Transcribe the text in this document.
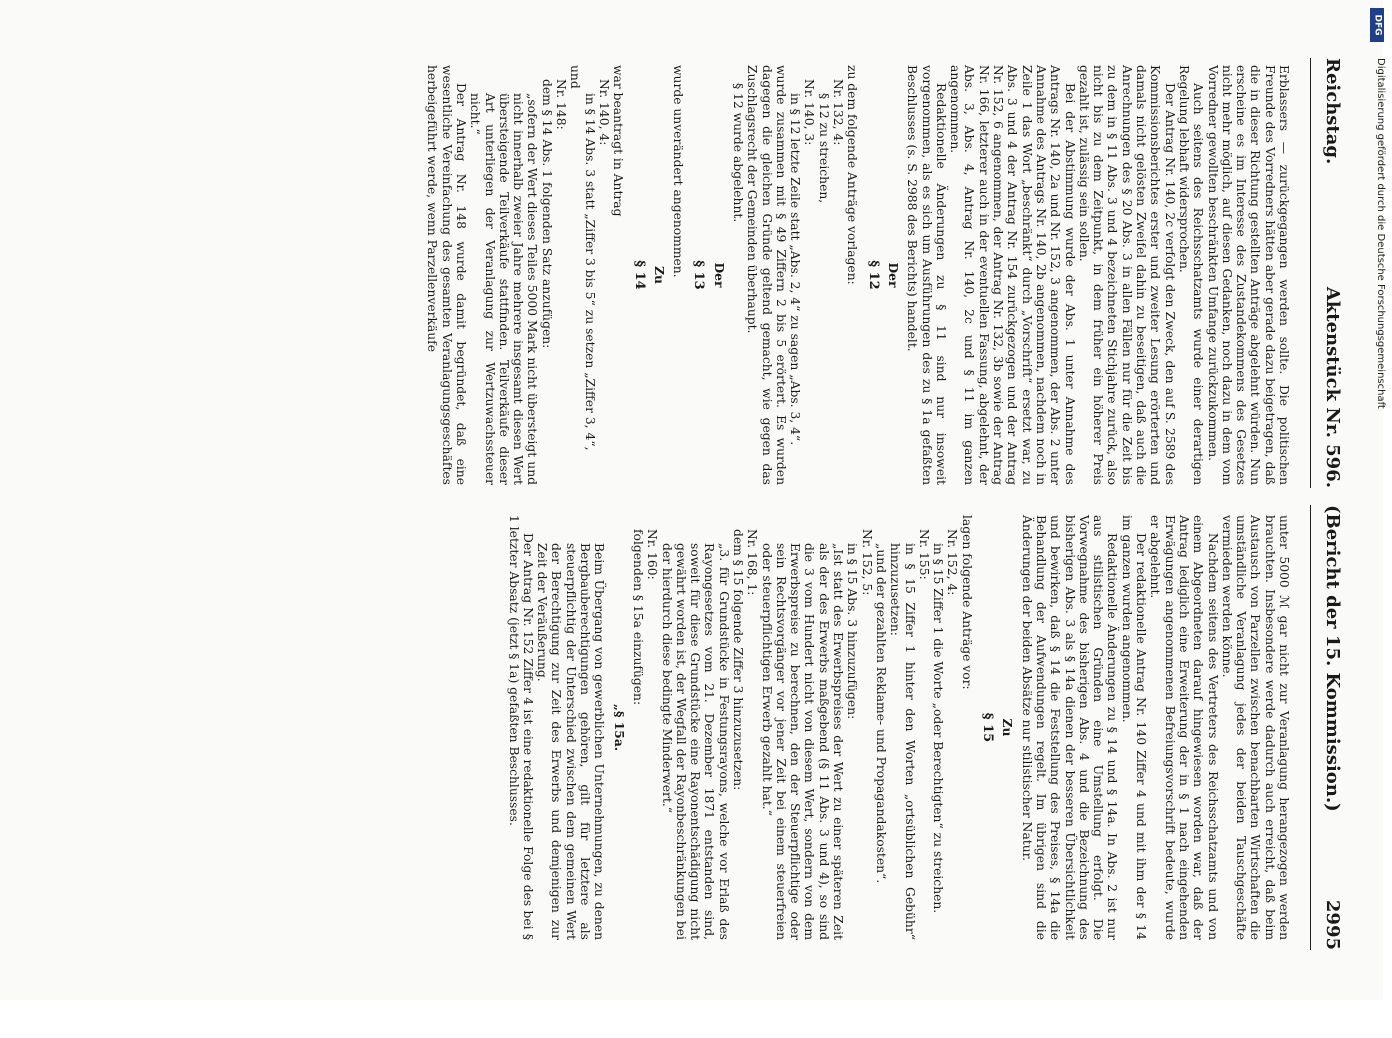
Reichstag.
Aktenstück Nr. 596.
(Bericht der 15. Kommission.)
2995

Erblassers — zurückgegangen werden sollte. Die politischen Freunde des Vorredners hätten aber gerade dazu beigetragen, daß die in dieser Richtung gestellten Anträge abgelehnt würden. Nun erscheine es im Interesse des Zustandekommens des Gesetzes nicht mehr möglich, auf diesen Gedanken, noch dazu in dem vom Vorredner gewollten beschränkten Umfange zurückzukommen.

Auch seitens des Reichsschatzamts wurde einer derartigen Regelung lebhaft widersprochen.

Der Antrag Nr. 140, 2c verfolgt den Zweck, den auf S. 2589 des Kommissionsberichtes erster und zweiter Lesung erörterten und damals nicht gelösten Zweifel dahin zu beseitigen, daß auch die Anrechnungen des § 20 Abs. 3 in allen Fällen nur für die Zeit bis zu dem in § 11 Abs. 3 und 4 bezeichneten Stichjahre zurück, also nicht bis zu dem Zeitpunkt, in dem früher ein höherer Preis gezahlt ist, zulässig sein sollen.

Bei der Abstimmung wurde der Abs. 1 unter Annahme des Antrags Nr. 140, 2a und Nr. 152, 3 angenommen, der Abs. 2 unter Annahme des Antrags Nr. 140, 2b angenommen, nachdem noch in Zeile 1 das Wort „beschränkt“ durch „Vorschrift“ ersetzt war, zu Abs. 3 und 4 der Antrag Nr. 154 zurückgezogen und der Antrag Nr. 152, 6 angenommen, der Antrag Nr. 132, 3b sowie der Antrag Nr. 166, letzterer auch in der eventuellen Fassung, abgelehnt, der Abs. 3, Abs. 4, Antrag Nr. 140, 2c und § 11 im ganzen angenommen.

Redaktionelle Änderungen zu § 11 sind nur insoweit vorgenommen, als es sich um Ausführungen des zu § 1a gefaßten Beschlusses (s. S. 2988 des Berichts) handelt.

Der

§ 12

zu dem folgende Anträge vorlagen:

Nr. 132, 4:

§ 12 zu streichen,

Nr. 140, 3:

in § 12 letzte Zeile statt „Abs. 2, 4“ zu sagen „Abs. 3, 4“.

wurde zusammen mit § 49 Ziffern 2 bis 5 erörtert. Es wurden dagegen die gleichen Gründe geltend gemacht, wie gegen das Zuschlagsrecht der Gemeinden überhaupt.

§ 12 wurde abgelehnt.

Der

§ 13

wurde unverändert angenommen.

Zu

§ 14

war beantragt in Antrag

Nr. 140, 4:

in § 14 Abs. 3 statt „Ziffer 3 bis 5“ zu setzen „Ziffer 3, 4“,

und

Nr. 148:

dem § 14 Abs. 1 folgenden Satz anzufügen:

„sofern der Wert dieses Teiles 5000 Mark nicht übersteigt und nicht innerhalb zweier Jahre mehrere insgesamt diesen Wert übersteigende Teilverkäufe stattfinden. Teilverkäufe dieser Art unterliegen der Veranlagung zur Wertzuwachssteuer nicht.“

Der Antrag Nr. 148 wurde damit begründet, daß eine wesentliche Vereinfachung des gesamten Veranlagungsgeschäftes herbeigeführt werde, wenn Parzellenverkäufe

unter 5000 ℳ gar nicht zur Veranlagung herangezogen werden brauchten. Insbesondere werde dadurch auch erreicht, daß beim Austausch von Parzellen zwischen benachbarten Wirtschaften die umständliche Veranlagung jedes der beiden Tauschgeschäfte vermieden werden könne.

Nachdem seitens des Vertreters des Reichsschatzamts und von einem Abgeordneten darauf hingewiesen worden war, daß der Antrag lediglich eine Erweiterung der in § 1 nach eingehenden Erwägungen angenommenen Befreiungsvorschrift bedeute, wurde er abgelehnt.

Der redaktionelle Antrag Nr. 140 Ziffer 4 und mit ihm der § 14 im ganzen wurden angenommen.

Redaktionelle Änderungen zu § 14 und § 14a. In Abs. 2 ist nur aus stilistischen Gründen eine Umstellung erfolgt. Die Vorwegnahme des bisherigen Abs. 4 und die Bezeichnung des bisherigen Abs. 3 als § 14a dienen der besseren Übersichtlichkeit und bewirken, daß § 14 die Feststellung des Preises, § 14a die Behandlung der Aufwendungen regelt. Im übrigen sind die Änderungen der beiden Absätze nur stilistischer Natur.

Zu

§ 15

lagen folgende Anträge vor:

Nr. 152, 4:

in § 15 Ziffer 1 die Worte „oder Berechtigten“ zu streichen.

Nr. 155:

in § 15 Ziffer 1 hinter den Worten „ortsüblichen Gebühr“ hinzuzusetzen:

„und der gezahlten Reklame- und Propagandakosten“.

Nr. 152, 5:

in § 15 Abs. 3 hinzuzufügen:

„Ist statt des Erwerbspreises der Wert zu einer späteren Zeit als der des Erwerbs maßgebend (§ 11 Abs. 3 und 4), so sind die 3 vom Hundert nicht von diesem Wert, sondern von dem Erwerbspreise zu berechnen, den der Steuerpflichtige oder sein Rechtsvorgänger vor jener Zeit bei einem steuerfreien oder steuerpflichtigen Erwerb gezahlt hat.“

Nr. 168, 1:

dem § 15 folgende Ziffer 3 hinzuzusetzen:

„3. für Grundstücke in Festungsrayons, welche vor Erlaß des Rayongesetzes vom 21. Dezember 1871 entstanden sind, soweit für diese Grundstücke eine Rayonentschädigung nicht gewährt worden ist, der Wegfall der Rayonbeschränkungen bei der hierdurch diese bedingte Minderwert.“

Nr. 160:

folgenden § 15a einzufügen:

„§ 15a.

Beim Übergang von gewerblichen Unternehmungen, zu denen Bergbauberechtigungen gehören, gilt für letztere als steuerpflichtig der Unterschied zwischen dem gemeinen Wert der Berechtigung zur Zeit des Erwerbs und demjenigen zur Zeit der Veräußerung.

Der Antrag Nr. 152 Ziffer 4 ist eine redaktionelle Folge des bei § 1 letzter Absatz (jetzt § 1a) gefaßten Beschlusses.

DFG
Digitalisierung gefördert durch die Deutsche Forschungsgemeinschaft
